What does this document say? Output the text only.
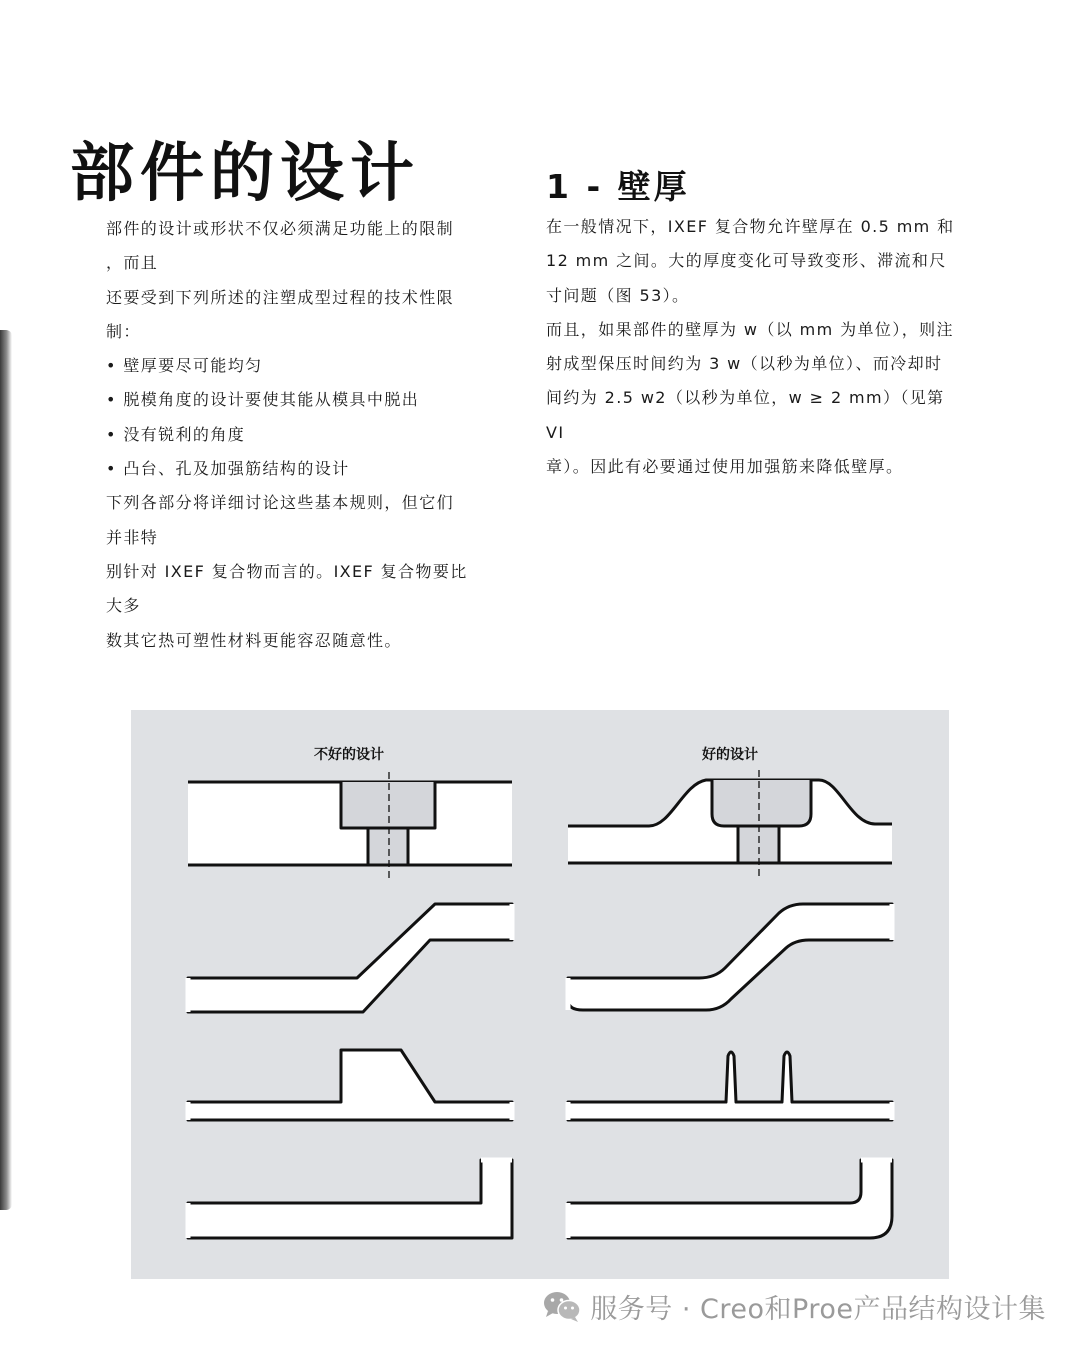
部件的设计	1 - 壁厚
部件的设计或形状不仅必须满足功能上的限制
，而且
还要受到下列所述的注塑成型过程的技术性限
制：
• 壁厚要尽可能均匀
• 脱模角度的设计要使其能从模具中脱出
• 没有锐利的角度
• 凸台、孔及加强筋结构的设计
下列各部分将详细讨论这些基本规则，但它们
并非特
别针对 IXEF 复合物而言的。IXEF 复合物要比
大多
数其它热可塑性材料更能容忍随意性。
在一般情况下，IXEF 复合物允许壁厚在 0.5 mm 和
12 mm 之间。大的厚度变化可导致变形、滞流和尺
寸问题（图 53）。
而且，如果部件的壁厚为 w（以 mm 为单位），则注
射成型保压时间约为 3 w（以秒为单位）、而冷却时
间约为 2.5 w2（以秒为单位，w ≥ 2 mm）（见第
VI
章）。因此有必要通过使用加强筋来降低壁厚。
不好的设计	好的设计
服务号 · Creo和Proe产品结构设计集
